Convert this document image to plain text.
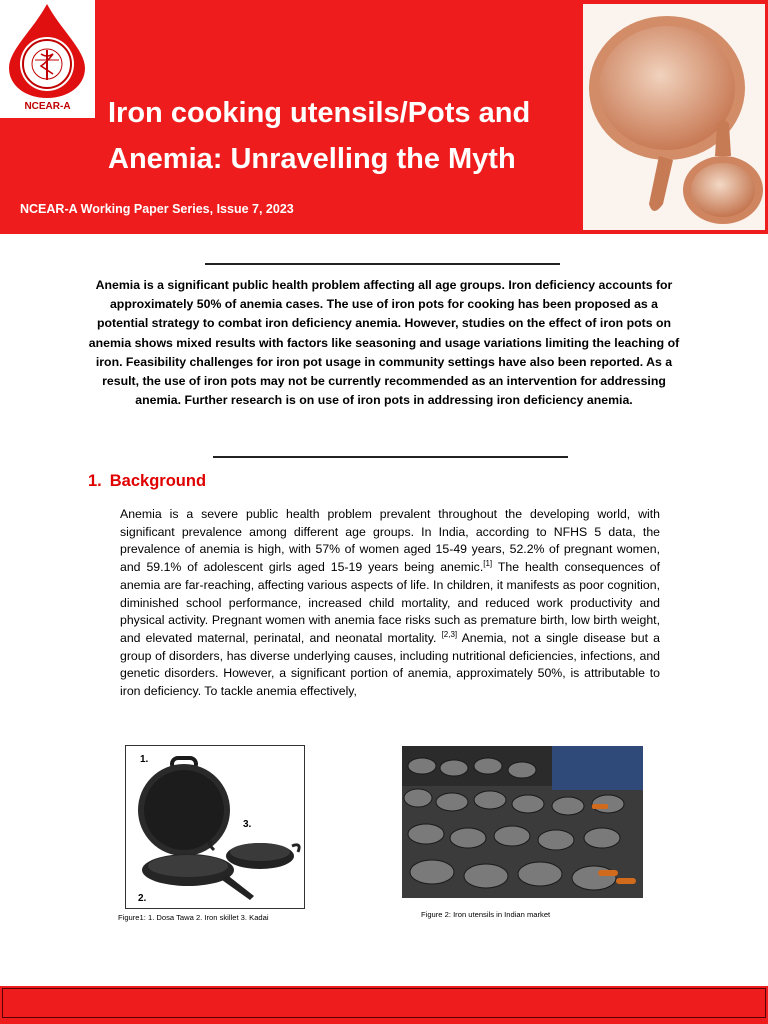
NCEAR-A	Iron cooking utensils/Pots and
Anemia: Unravelling the Myth
NCEAR-A Working Paper Series, Issue 7, 2023
Anemia is a significant public health problem affecting all age groups. Iron deficiency accounts for approximately 50% of anemia cases. The use of iron pots for cooking has been proposed as a potential strategy to combat iron deficiency anemia. However, studies on the effect of iron pots on anemia shows mixed results with factors like seasoning and usage variations limiting the leaching of iron. Feasibility challenges for iron pot usage in community settings have also been reported. As a result, the use of iron pots may not be currently recommended as an intervention for addressing anemia. Further research is on use of iron pots in addressing iron deficiency anemia.
1. Background
Anemia is a severe public health problem prevalent throughout the developing world, with significant prevalence among different age groups. In India, according to NFHS 5 data, the prevalence of anemia is high, with 57% of women aged 15-49 years, 52.2% of pregnant women, and 59.1% of adolescent girls aged 15-19 years being anemic.[1] The health consequences of anemia are far-reaching, affecting various aspects of life. In children, it manifests as poor cognition, diminished school performance, increased child mortality, and reduced work productivity and physical activity. Pregnant women with anemia face risks such as premature birth, low birth weight, and elevated maternal, perinatal, and neonatal mortality. [2,3] Anemia, not a single disease but a group of disorders, has diverse underlying causes, including nutritional deficiencies, infections, and genetic disorders. However, a significant portion of anemia, approximately 50%, is attributable to iron deficiency. To tackle anemia effectively,
1.
3.
2.
Figure1: 1. Dosa Tawa 2. Iron skillet 3. Kadai	Figure 2: Iron utensils in Indian market
